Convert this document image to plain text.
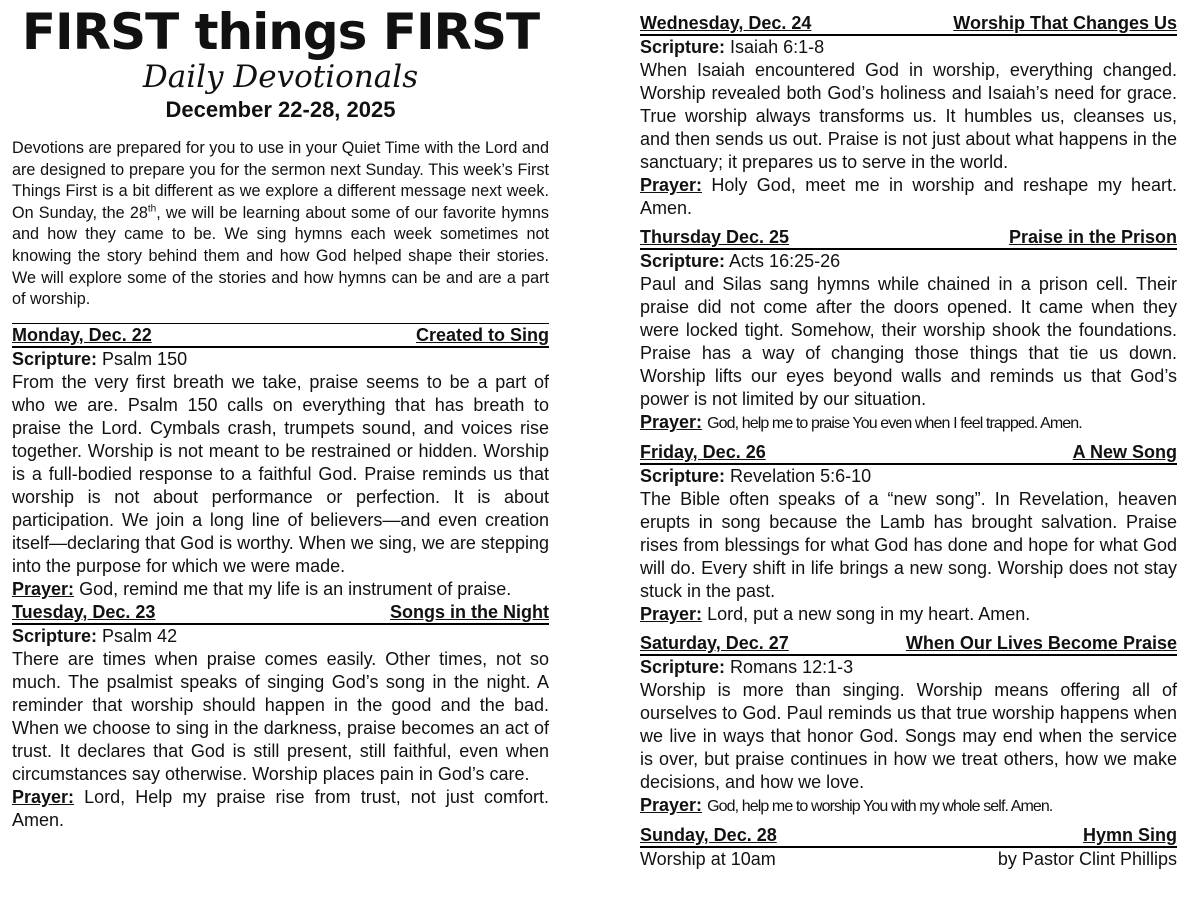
FIRST things FIRST
Daily Devotionals
December 22-28, 2025
Devotions are prepared for you to use in your Quiet Time with the Lord and are designed to prepare you for the sermon next Sunday. This week’s First Things First is a bit different as we explore a different message next week. On Sunday, the 28th, we will be learning about some of our favorite hymns and how they came to be. We sing hymns each week sometimes not knowing the story behind them and how God helped shape their stories. We will explore some of the stories and how hymns can be and are a part of worship.
Monday, Dec. 22	Created to Sing
Scripture: Psalm 150
From the very first breath we take, praise seems to be a part of who we are. Psalm 150 calls on everything that has breath to praise the Lord. Cymbals crash, trumpets sound, and voices rise together. Worship is not meant to be restrained or hidden. Worship is a full-bodied response to a faithful God. Praise reminds us that worship is not about performance or perfection. It is about participation. We join a long line of believers—and even creation itself—declaring that God is worthy. When we sing, we are stepping into the purpose for which we were made.
Prayer: God, remind me that my life is an instrument of praise.
Tuesday, Dec. 23	Songs in the Night
Scripture: Psalm 42
There are times when praise comes easily. Other times, not so much. The psalmist speaks of singing God’s song in the night. A reminder that worship should happen in the good and the bad. When we choose to sing in the darkness, praise becomes an act of trust. It declares that God is still present, still faithful, even when circumstances say otherwise. Worship places pain in God’s care.
Prayer: Lord, Help my praise rise from trust, not just comfort. Amen.
Wednesday, Dec. 24	Worship That Changes Us
Scripture: Isaiah 6:1-8
When Isaiah encountered God in worship, everything changed. Worship revealed both God’s holiness and Isaiah’s need for grace. True worship always transforms us. It humbles us, cleanses us, and then sends us out. Praise is not just about what happens in the sanctuary; it prepares us to serve in the world.
Prayer: Holy God, meet me in worship and reshape my heart. Amen.
Thursday Dec. 25	Praise in the Prison
Scripture: Acts 16:25-26
Paul and Silas sang hymns while chained in a prison cell. Their praise did not come after the doors opened. It came when they were locked tight. Somehow, their worship shook the foundations. Praise has a way of changing those things that tie us down. Worship lifts our eyes beyond walls and reminds us that God’s power is not limited by our situation.
Prayer: God, help me to praise You even when I feel trapped. Amen.
Friday, Dec. 26	A New Song
Scripture: Revelation 5:6-10
The Bible often speaks of a “new song”. In Revelation, heaven erupts in song because the Lamb has brought salvation. Praise rises from blessings for what God has done and hope for what God will do. Every shift in life brings a new song. Worship does not stay stuck in the past.
Prayer: Lord, put a new song in my heart. Amen.
Saturday, Dec. 27	When Our Lives Become Praise
Scripture: Romans 12:1-3
Worship is more than singing. Worship means offering all of ourselves to God. Paul reminds us that true worship happens when we live in ways that honor God. Songs may end when the service is over, but praise continues in how we treat others, how we make decisions, and how we love.
Prayer: God, help me to worship You with my whole self. Amen.
Sunday, Dec. 28	Hymn Sing
Worship at 10am	by Pastor Clint Phillips
